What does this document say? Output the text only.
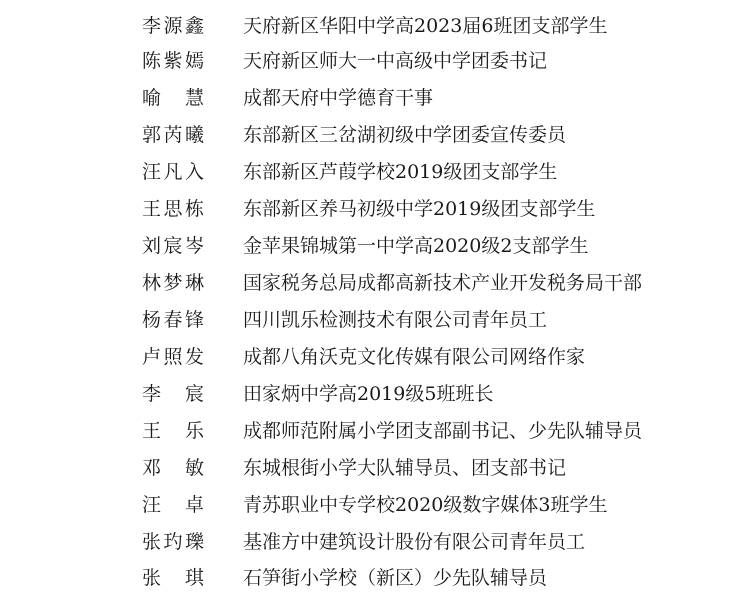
李源鑫 天府新区华阳中学高2023届6班团支部学生
陈紫嫣 天府新区师大一中高级中学团委书记
喻慧 成都天府中学德育干事
郭芮曦 东部新区三岔湖初级中学团委宣传委员
汪凡入 东部新区芦葭学校2019级团支部学生
王思栋 东部新区养马初级中学2019级团支部学生
刘宸岑 金苹果锦城第一中学高2020级2支部学生
林梦琳 国家税务总局成都高新技术产业开发税务局干部
杨春锋 四川凯乐检测技术有限公司青年员工
卢照发 成都八角沃克文化传媒有限公司网络作家
李宸 田家炳中学高2019级5班班长
王乐 成都师范附属小学团支部副书记、少先队辅导员
邓敏 东城根街小学大队辅导员、团支部书记
汪卓 青苏职业中专学校2020级数字媒体3班学生
张玓瓅 基准方中建筑设计股份有限公司青年员工
张琪 石笋街小学校（新区）少先队辅导员
